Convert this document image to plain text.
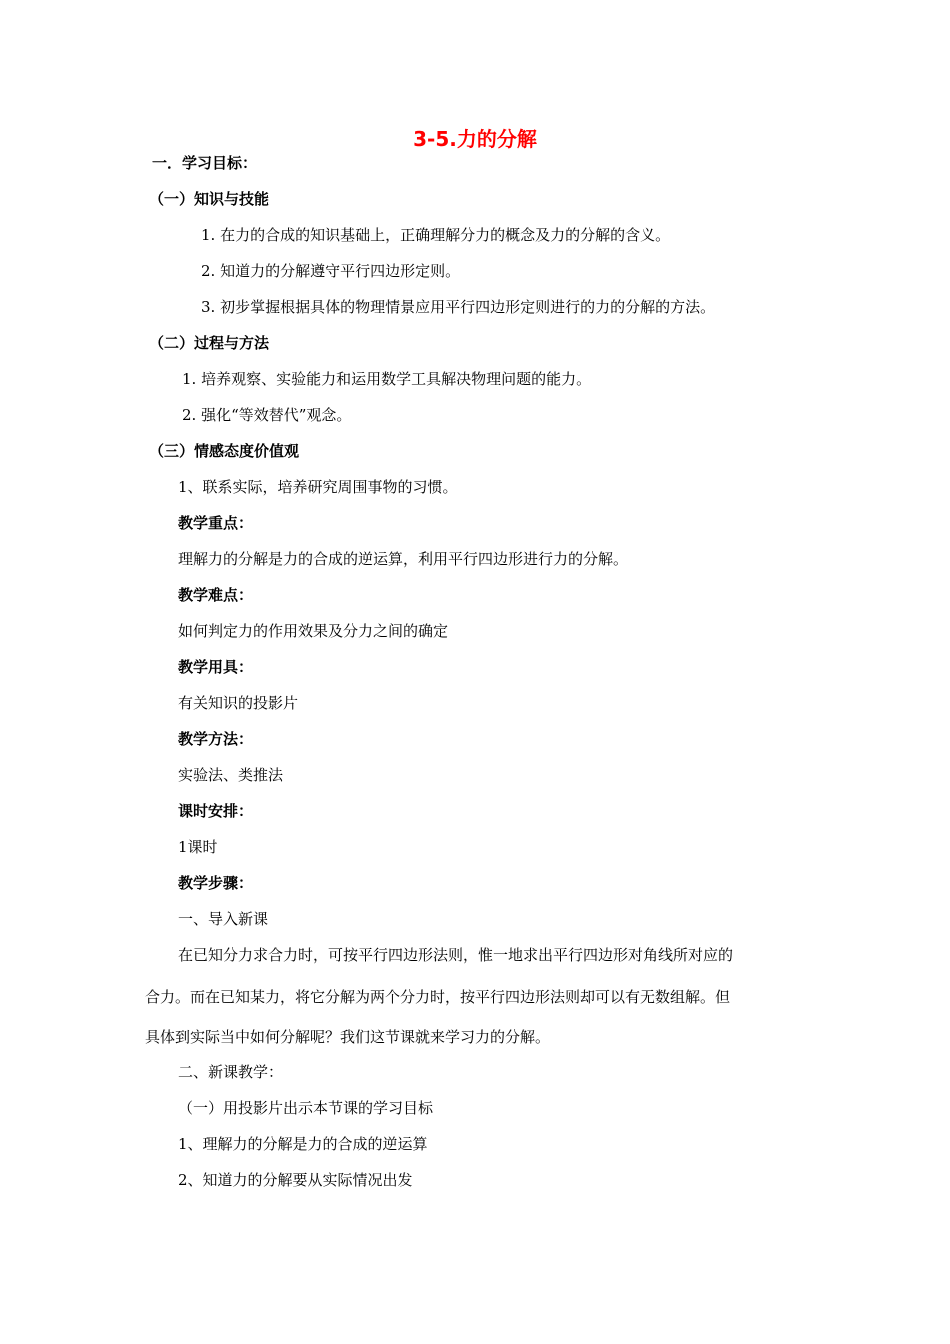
3-5.力的分解
一．学习目标：
（一）知识与技能
1. 在力的合成的知识基础上，正确理解分力的概念及力的分解的含义。
2. 知道力的分解遵守平行四边形定则。
3. 初步掌握根据具体的物理情景应用平行四边形定则进行的力的分解的方法。
（二）过程与方法
1. 培养观察、实验能力和运用数学工具解决物理问题的能力。
2. 强化“等效替代”观念。
（三）情感态度价值观
1、联系实际，培养研究周围事物的习惯。
教学重点：
理解力的分解是力的合成的逆运算，利用平行四边形进行力的分解。
教学难点：
如何判定力的作用效果及分力之间的确定
教学用具：
有关知识的投影片
教学方法：
实验法、类推法
课时安排：
1课时
教学步骤：
一、导入新课
在已知分力求合力时，可按平行四边形法则，惟一地求出平行四边形对角线所对应的
合力。而在已知某力，将它分解为两个分力时，按平行四边形法则却可以有无数组解。但
具体到实际当中如何分解呢？我们这节课就来学习力的分解。
二、新课教学：
（一）用投影片出示本节课的学习目标
1、理解力的分解是力的合成的逆运算
2、知道力的分解要从实际情况出发
